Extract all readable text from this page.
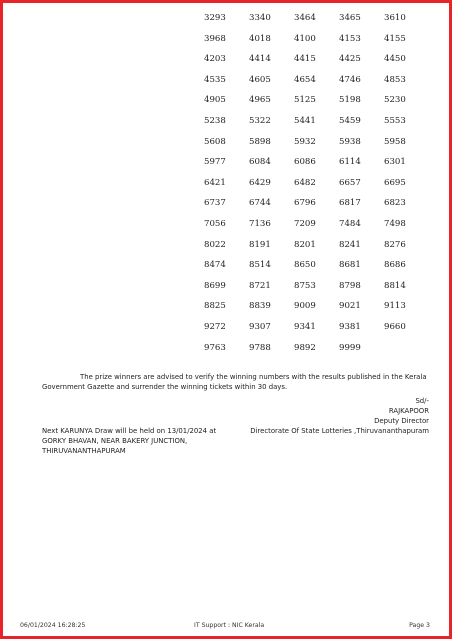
3293	3340	3464	3465	3610
3968	4018	4100	4153	4155
4203	4414	4415	4425	4450
4535	4605	4654	4746	4853
4905	4965	5125	5198	5230
5238	5322	5441	5459	5553
5608	5898	5932	5938	5958
5977	6084	6086	6114	6301
6421	6429	6482	6657	6695
6737	6744	6796	6817	6823
7056	7136	7209	7484	7498
8022	8191	8201	8241	8276
8474	8514	8650	8681	8686
8699	8721	8753	8798	8814
8825	8839	9009	9021	9113
9272	9307	9341	9381	9660
9763	9788	9892	9999
The prize winners are advised to verify the winning numbers with the results published in the Kerala
Government Gazette and surrender the winning tickets within 30 days.
Sd/-
RAJKAPOOR
Deputy Director
Directorate Of State Lotteries ,Thiruvananthapuram
Next KARUNYA Draw will be held on 13/01/2024 at
GORKY BHAVAN, NEAR BAKERY JUNCTION,
THIRUVANANTHAPURAM
06/01/2024 16:28:25	IT Support : NIC Kerala	Page 3
